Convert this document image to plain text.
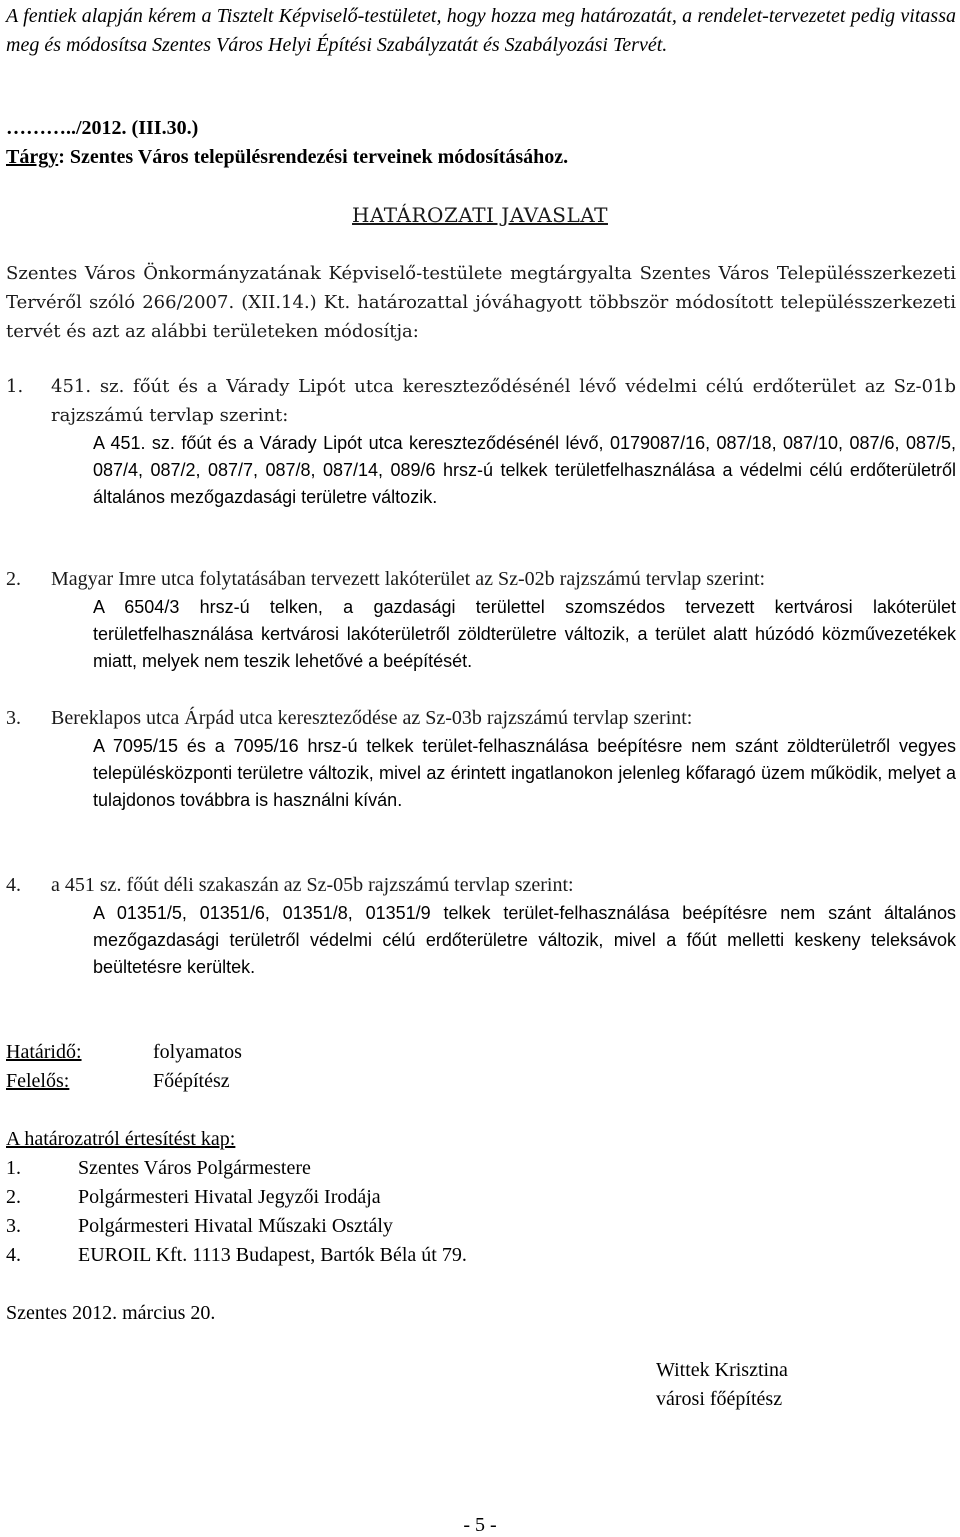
A fentiek alapján kérem a Tisztelt Képviselő-testületet, hogy hozza meg határozatát, a rendelet-tervezetet pedig vitassa meg és módosítsa Szentes Város Helyi Építési Szabályzatát és Szabályozási Tervét.
………../2012. (III.30.)
Tárgy: Szentes Város településrendezési terveinek módosításához.
HATÁROZATI JAVASLAT
Szentes Város Önkormányzatának Képviselő-testülete megtárgyalta Szentes Város Településszerkezeti Tervéről szóló 266/2007. (XII.14.) Kt. határozattal jóváhagyott többször módosított településszerkezeti tervét és azt az alábbi területeken módosítja:
1. 451. sz. főút és a Várady Lipót utca kereszteződésénél lévő védelmi célú erdőterület az Sz-01b rajzszámú tervlap szerint:
A 451. sz. főút és a Várady Lipót utca kereszteződésénél lévő, 0179087/16, 087/18, 087/10, 087/6, 087/5, 087/4, 087/2, 087/7, 087/8, 087/14, 089/6 hrsz-ú telkek területfelhasználása a védelmi célú erdőterületről általános mezőgazdasági területre változik.
2. Magyar Imre utca folytatásában tervezett lakóterület az Sz-02b rajzszámú tervlap szerint:
A 6504/3 hrsz-ú telken, a gazdasági területtel szomszédos tervezett kertvárosi lakóterület területfelhasználása kertvárosi lakóterületről zöldterületre változik, a terület alatt húzódó közművezetékek miatt, melyek nem teszik lehetővé a beépítését.
3. Bereklapos utca Árpád utca kereszteződése az Sz-03b rajzszámú tervlap szerint:
A 7095/15 és a 7095/16 hrsz-ú telkek terület-felhasználása beépítésre nem szánt zöldterületről vegyes településközponti területre változik, mivel az érintett ingatlanokon jelenleg kőfaragó üzem működik, melyet a tulajdonos továbbra is használni kíván.
4. a 451 sz. főút déli szakaszán az Sz-05b rajzszámú tervlap szerint:
A 01351/5, 01351/6, 01351/8, 01351/9 telkek terület-felhasználása beépítésre nem szánt általános mezőgazdasági területről védelmi célú erdőterületre változik, mivel a főút melletti keskeny teleksávok beültetésre kerültek.
Határidő:	folyamatos
Felelős:	Főépítész
A határozatról értesítést kap:
1.	Szentes Város Polgármestere
2.	Polgármesteri Hivatal Jegyzői Irodája
3.	Polgármesteri Hivatal Műszaki Osztály
4.	EUROIL Kft. 1113 Budapest, Bartók Béla út 79.
Szentes 2012. március 20.
Wittek Krisztina
városi főépítész
- 5 -
